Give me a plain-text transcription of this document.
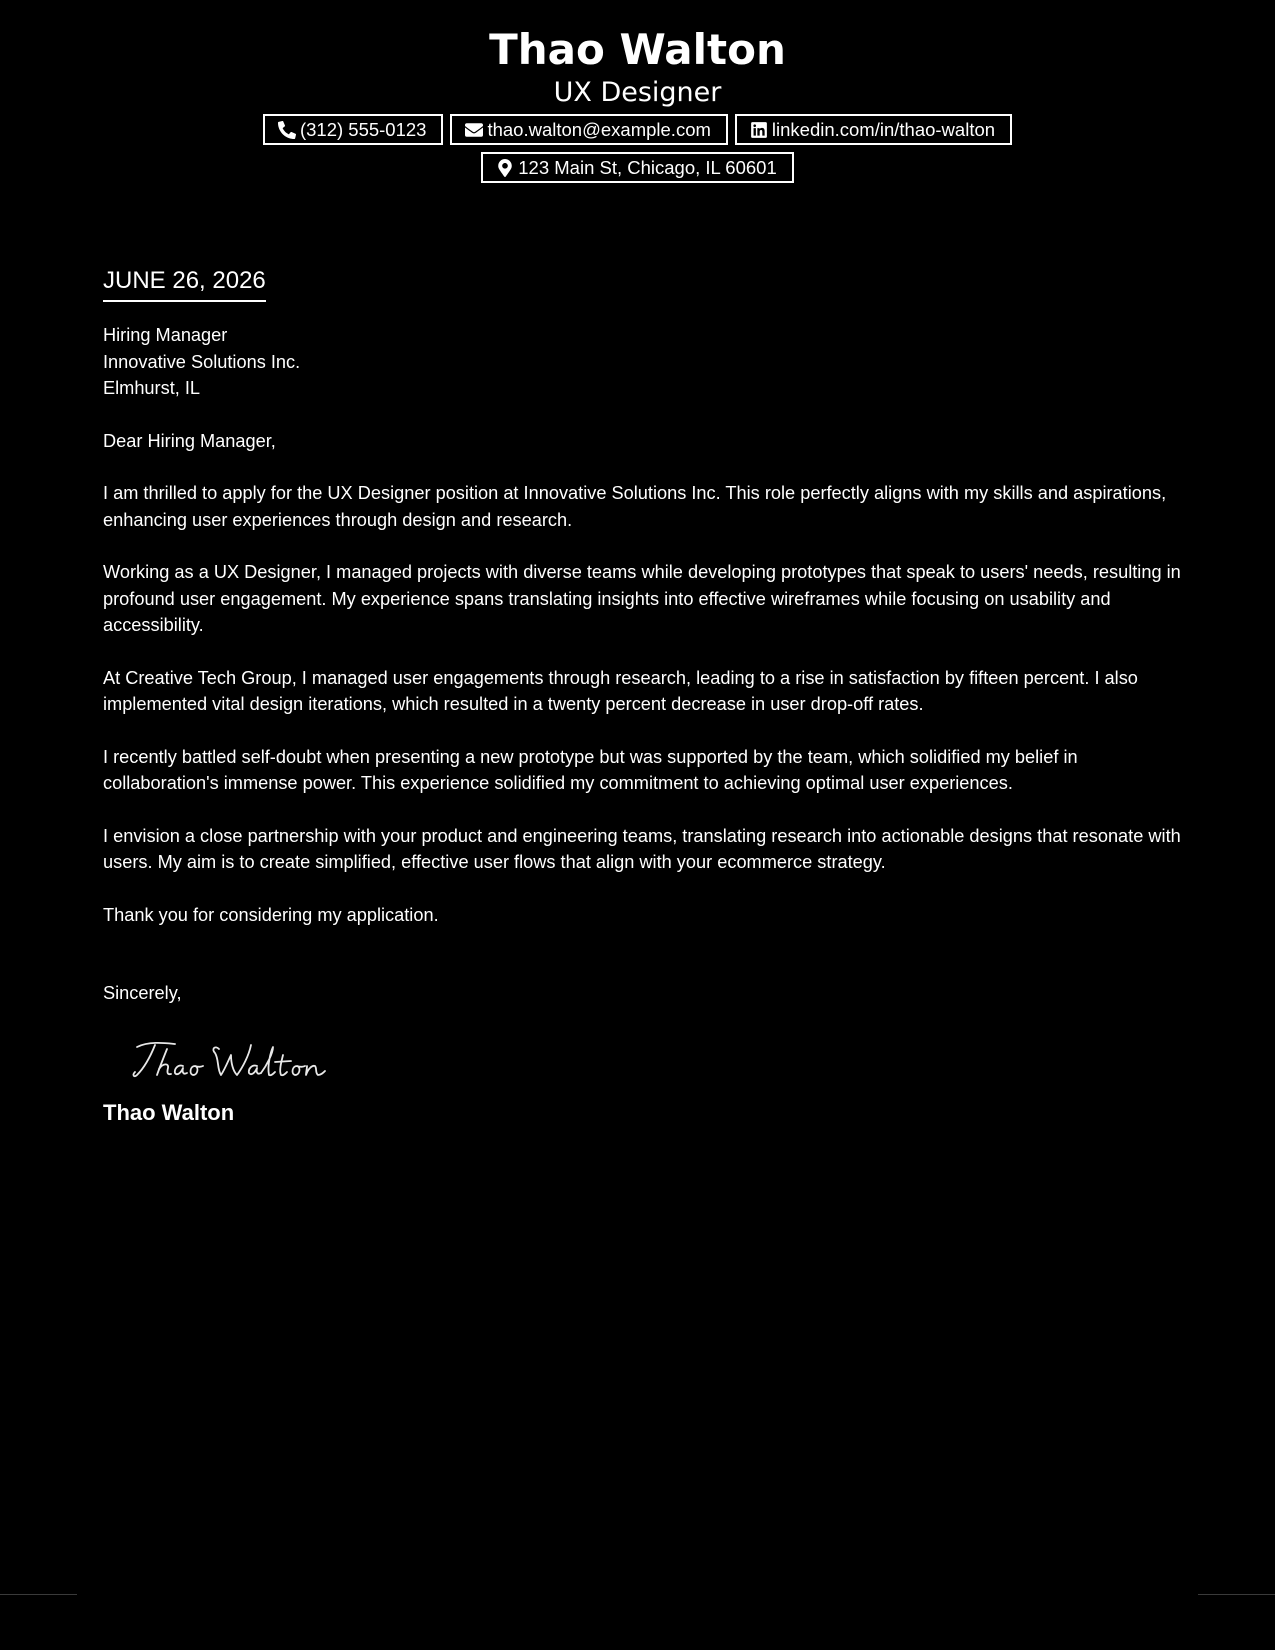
Thao Walton
UX Designer
(312) 555-0123	thao.walton@example.com	linkedin.com/in/thao-walton
123 Main St, Chicago, IL 60601
JUNE 26, 2026
Hiring Manager
Innovative Solutions Inc.
Elmhurst, IL
Dear Hiring Manager,

I am thrilled to apply for the UX Designer position at Innovative Solutions Inc. This role perfectly aligns with my skills and aspirations, enhancing user experiences through design and research.

Working as a UX Designer, I managed projects with diverse teams while developing prototypes that speak to users' needs, resulting in profound user engagement. My experience spans translating insights into effective wireframes while focusing on usability and accessibility.

At Creative Tech Group, I managed user engagements through research, leading to a rise in satisfaction by fifteen percent. I also implemented vital design iterations, which resulted in a twenty percent decrease in user drop-off rates.

I recently battled self-doubt when presenting a new prototype but was supported by the team, which solidified my belief in collaboration's immense power. This experience solidified my commitment to achieving optimal user experiences.

I envision a close partnership with your product and engineering teams, translating research into actionable designs that resonate with users. My aim is to create simplified, effective user flows that align with your ecommerce strategy.

Thank you for considering my application.

Sincerely,
Thao Walton
